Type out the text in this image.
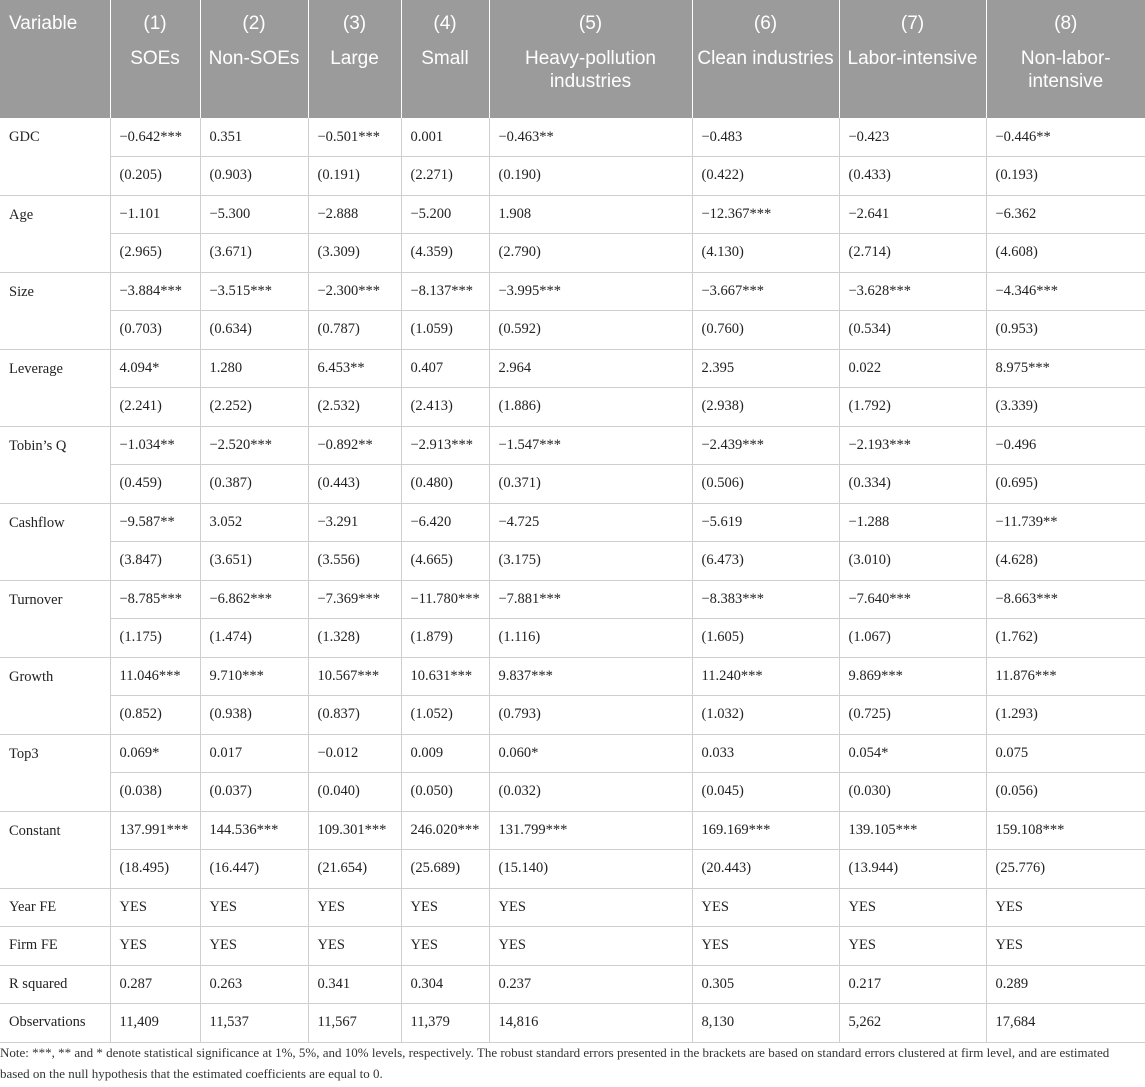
Variable	(1)	(2)	(3)	(4)	(5)	(6)	(7)	(8)
	SOEs	Non-SOEs	Large	Small	Heavy-pollution industries	Clean industries	Labor-intensive	Non-labor-intensive
GDC	−0.642***	0.351	−0.501***	0.001	−0.463**	−0.483	−0.423	−0.446**
	(0.205)	(0.903)	(0.191)	(2.271)	(0.190)	(0.422)	(0.433)	(0.193)
Age	−1.101	−5.300	−2.888	−5.200	1.908	−12.367***	−2.641	−6.362
	(2.965)	(3.671)	(3.309)	(4.359)	(2.790)	(4.130)	(2.714)	(4.608)
Size	−3.884***	−3.515***	−2.300***	−8.137***	−3.995***	−3.667***	−3.628***	−4.346***
	(0.703)	(0.634)	(0.787)	(1.059)	(0.592)	(0.760)	(0.534)	(0.953)
Leverage	4.094*	1.280	6.453**	0.407	2.964	2.395	0.022	8.975***
	(2.241)	(2.252)	(2.532)	(2.413)	(1.886)	(2.938)	(1.792)	(3.339)
Tobin’s Q	−1.034**	−2.520***	−0.892**	−2.913***	−1.547***	−2.439***	−2.193***	−0.496
	(0.459)	(0.387)	(0.443)	(0.480)	(0.371)	(0.506)	(0.334)	(0.695)
Cashflow	−9.587**	3.052	−3.291	−6.420	−4.725	−5.619	−1.288	−11.739**
	(3.847)	(3.651)	(3.556)	(4.665)	(3.175)	(6.473)	(3.010)	(4.628)
Turnover	−8.785***	−6.862***	−7.369***	−11.780***	−7.881***	−8.383***	−7.640***	−8.663***
	(1.175)	(1.474)	(1.328)	(1.879)	(1.116)	(1.605)	(1.067)	(1.762)
Growth	11.046***	9.710***	10.567***	10.631***	9.837***	11.240***	9.869***	11.876***
	(0.852)	(0.938)	(0.837)	(1.052)	(0.793)	(1.032)	(0.725)	(1.293)
Top3	0.069*	0.017	−0.012	0.009	0.060*	0.033	0.054*	0.075
	(0.038)	(0.037)	(0.040)	(0.050)	(0.032)	(0.045)	(0.030)	(0.056)
Constant	137.991***	144.536***	109.301***	246.020***	131.799***	169.169***	139.105***	159.108***
	(18.495)	(16.447)	(21.654)	(25.689)	(15.140)	(20.443)	(13.944)	(25.776)
Year FE	YES	YES	YES	YES	YES	YES	YES	YES
Firm FE	YES	YES	YES	YES	YES	YES	YES	YES
R squared	0.287	0.263	0.341	0.304	0.237	0.305	0.217	0.289
Observations	11,409	11,537	11,567	11,379	14,816	8,130	5,262	17,684
Note: ***, ** and * denote statistical significance at 1%, 5%, and 10% levels, respectively. The robust standard errors presented in the brackets are based on standard errors clustered at firm level, and are estimated based on the null hypothesis that the estimated coefficients are equal to 0.
